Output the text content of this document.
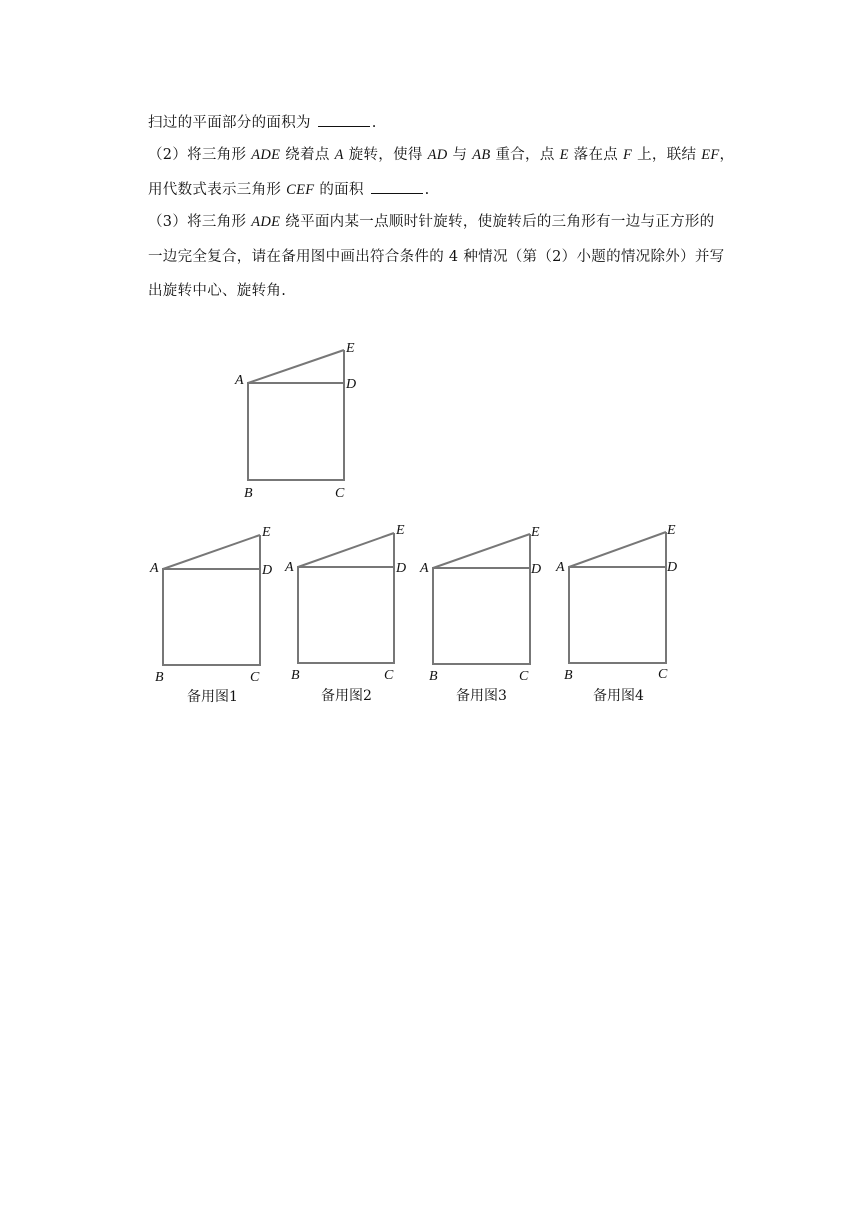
扫过的平面部分的面积为	.
（2）将三角形 ADE 绕着点 A 旋转，使得 AD 与 AB 重合，点 E 落在点 F 上，联结 EF，
用代数式表示三角形 CEF 的面积	.
（3）将三角形 ADE 绕平面内某一点顺时针旋转，使旋转后的三角形有一边与正方形的
一边完全复合，请在备用图中画出符合条件的 4 种情况（第（2）小题的情况除外）并写
出旋转中心、旋转角.
A
B	C
D
E
A
B	C
D
E
A
B	C
D
E
A
B	C
D
E
A
B	C
D
E
备用图1	备用图2	备用图3	备用图4
